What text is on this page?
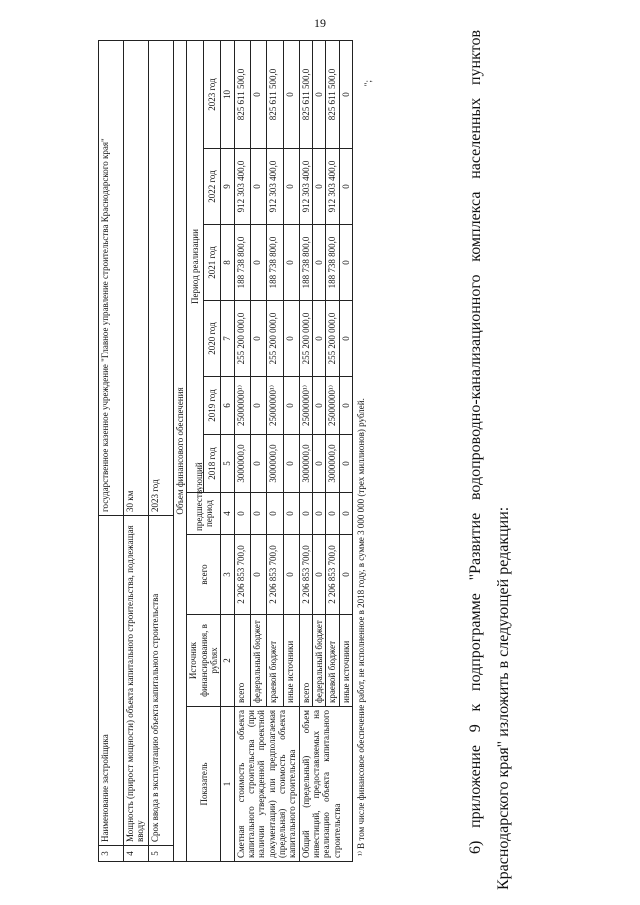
19
3	Наименование застройщика	государственное казенное учреждение "Главное управление строительства Краснодарского края"
4	Мощность (прирост мощности) объекта капитального строительства, подлежащая вводу	30 км
5	Срок ввода в эксплуатацию объекта капитального строительства	2023 год Объем финансового обеспечения									
Показатель	Источник финансирования, в рублях	всего	предшествующий период	Период реализации					
				2018 год	2019 год	2020 год	2021 год	2022 год	2023 год
1	2	3	4	5	6	7	8	9	10
Сметная стоимость объекта капитального строительства (при наличии утвержденной проектной документации) или предполагаемая (предельная) стоимость объекта капитального строительства	всего	2 206 853 700,0	0	3000000,0	25000000¹⁾	255 200 000,0	188 738 800,0	912 303 400,0	825 611 500,0
	федеральный бюджет	0	0	0	0	0	0	0	0
	краевой бюджет	2 206 853 700,0	0	3000000,0	25000000¹⁾	255 200 000,0	188 738 800,0	912 303 400,0	825 611 500,0
	иные источники	0	0	0	0	0	0	0	0
Общий (предельный) объем инвестиций, предоставляемых на реализацию объекта капитального строительства	всего	2 206 853 700,0	0	3000000,0	25000000¹⁾	255 200 000,0	188 738 800,0	912 303 400,0	825 611 500,0
	федеральный бюджет	0	0	0	0	0	0	0	0
	краевой бюджет	2 206 853 700,0	0	3000000,0	25000000¹⁾	255 200 000,0	188 738 800,0	912 303 400,0	825 611 500,0
	иные источники	0	0	0	0	0	0	0	0
¹⁾ В том числе финансовое обеспечение работ, не исполненное в 2018 году, в сумме 3 000 000 (трех миллионов) рублей.
";	6) приложение 9 к подпрограмме "Развитие водопроводно-канализационного комплекса населенных пунктов Краснодарского края" изложить в следующей редакции:
